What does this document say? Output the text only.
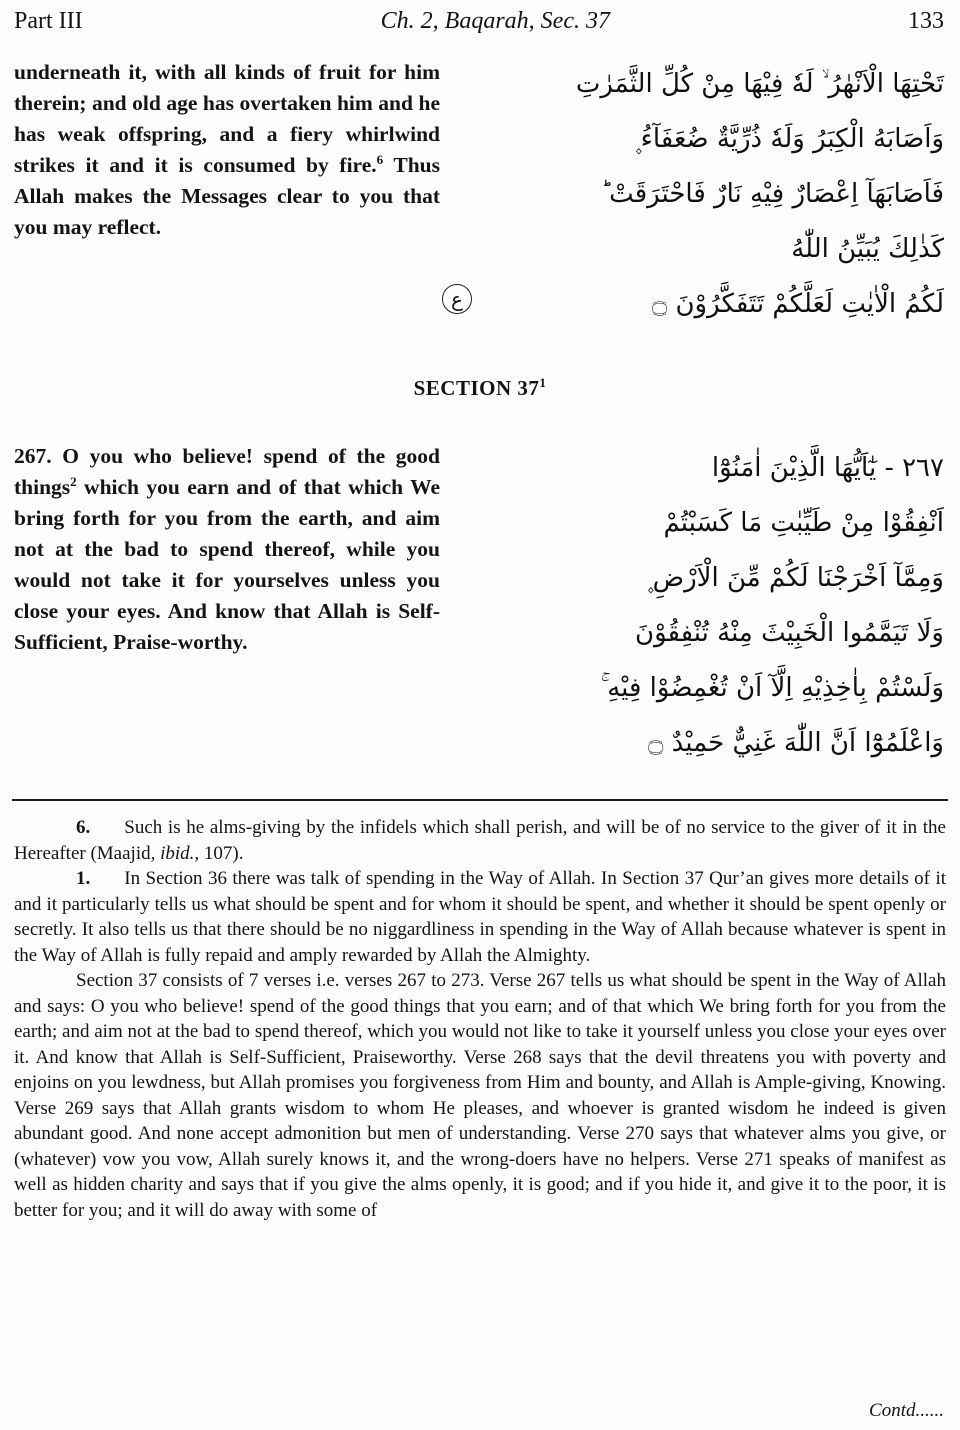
Part III	Ch. 2, Baqarah, Sec. 37	133
underneath it, with all kinds of fruit for him therein; and old age has overtaken him and he has weak offspring, and a fiery whirlwind strikes it and it is consumed by fire.$^6$ Thus Allah makes the Messages clear to you that you may reflect.
تَحْتِهَا الْاَنْهٰرُ ۙ لَهٗ فِيْهَا مِنْ كُلِّ الثَّمَرٰتِ
وَاَصَابَهُ الْكِبَرُ وَلَهٗ ذُرِّيَّةٌ ضُعَفَآءُ ۪
فَاَصَابَهَآ اِعْصَارٌ فِيْهِ نَارٌ فَاحْتَرَقَتْ ؕ
كَذٰلِكَ يُبَيِّنُ اللّٰهُ
لَكُمُ الْاٰيٰتِ لَعَلَّكُمْ تَتَفَكَّرُوْنَ ۝
ع
SECTION $37^1$
267. O you who believe! spend of the good things$^2$ which you earn and of that which We bring forth for you from the earth, and aim not at the bad to spend thereof, while you would not take it for yourselves unless you close your eyes. And know that Allah is Self-Sufficient, Praise-worthy.
٢٦٧ - يٰٓاَيُّهَا الَّذِيْنَ اٰمَنُوْٓا
اَنْفِقُوْا مِنْ طَيِّبٰتِ مَا كَسَبْتُمْ
وَمِمَّآ اَخْرَجْنَا لَكُمْ مِّنَ الْاَرْضِ ۪
وَلَا تَيَمَّمُوا الْخَبِيْثَ مِنْهُ تُنْفِقُوْنَ
وَلَسْتُمْ بِاٰخِذِيْهِ اِلَّآ اَنْ تُغْمِضُوْا فِيْهِ ۚ
وَاعْلَمُوْٓا اَنَّ اللّٰهَ غَنِيٌّ حَمِيْدٌ ۝

6. Such is he alms-giving by the infidels which shall perish, and will be of no service to the giver of it in the Hereafter (Maajid, ibid., 107).

1. In Section 36 there was talk of spending in the Way of Allah. In Section 37 Qur’an gives more details of it and it particularly tells us what should be spent and for whom it should be spent, and whether it should be spent openly or secretly. It also tells us that there should be no niggardliness in spending in the Way of Allah because whatever is spent in the Way of Allah is fully repaid and amply rewarded by Allah the Almighty.

Section 37 consists of 7 verses i.e. verses 267 to 273. Verse 267 tells us what should be spent in the Way of Allah and says: O you who believe! spend of the good things that you earn; and of that which We bring forth for you from the earth; and aim not at the bad to spend thereof, which you would not like to take it yourself unless you close your eyes over it. And know that Allah is Self-Sufficient, Praiseworthy. Verse 268 says that the devil threatens you with poverty and enjoins on you lewdness, but Allah promises you forgiveness from Him and bounty, and Allah is Ample-giving, Knowing. Verse 269 says that Allah grants wisdom to whom He pleases, and whoever is granted wisdom he indeed is given abundant good. And none accept admonition but men of understanding. Verse 270 says that whatever alms you give, or (whatever) vow you vow, Allah surely knows it, and the wrong-doers have no helpers. Verse 271 speaks of manifest as well as hidden charity and says that if you give the alms openly, it is good; and if you hide it, and give it to the poor, it is better for you; and it will do away with some of

Contd......
